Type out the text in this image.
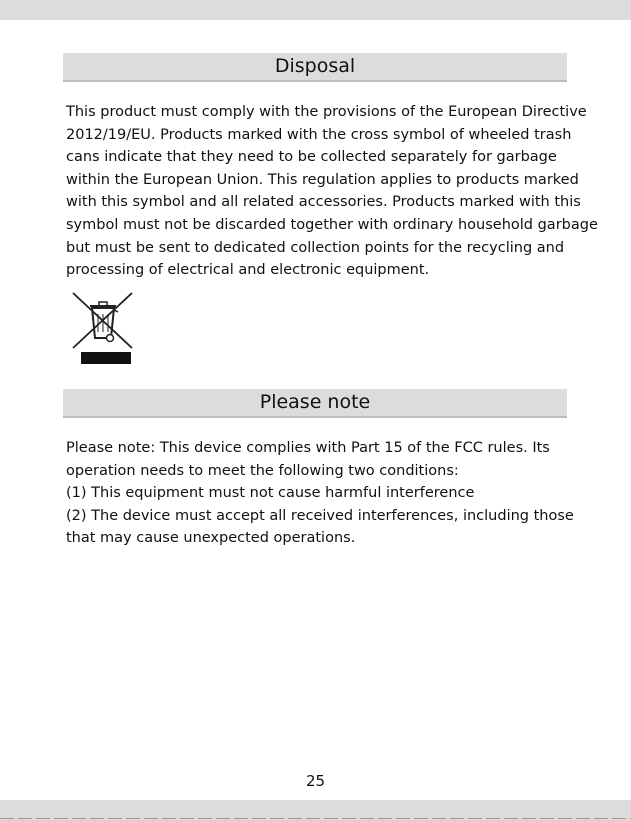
Disposal

This product must comply with the provisions of the European Directive
2012/19/EU. Products marked with the cross symbol of wheeled trash
cans indicate that they need to be collected separately for garbage
within the European Union. This regulation applies to products marked
with this symbol and all related accessories. Products marked with this
symbol must not be discarded together with ordinary household garbage
but must be sent to dedicated collection points for the recycling and
processing of electrical and electronic equipment.

Please note

Please note: This device complies with Part 15 of the FCC rules. Its
operation needs to meet the following two conditions:
(1) This equipment must not cause harmful interference
(2) The device must accept all received interferences, including those
that may cause unexpected operations.

25
